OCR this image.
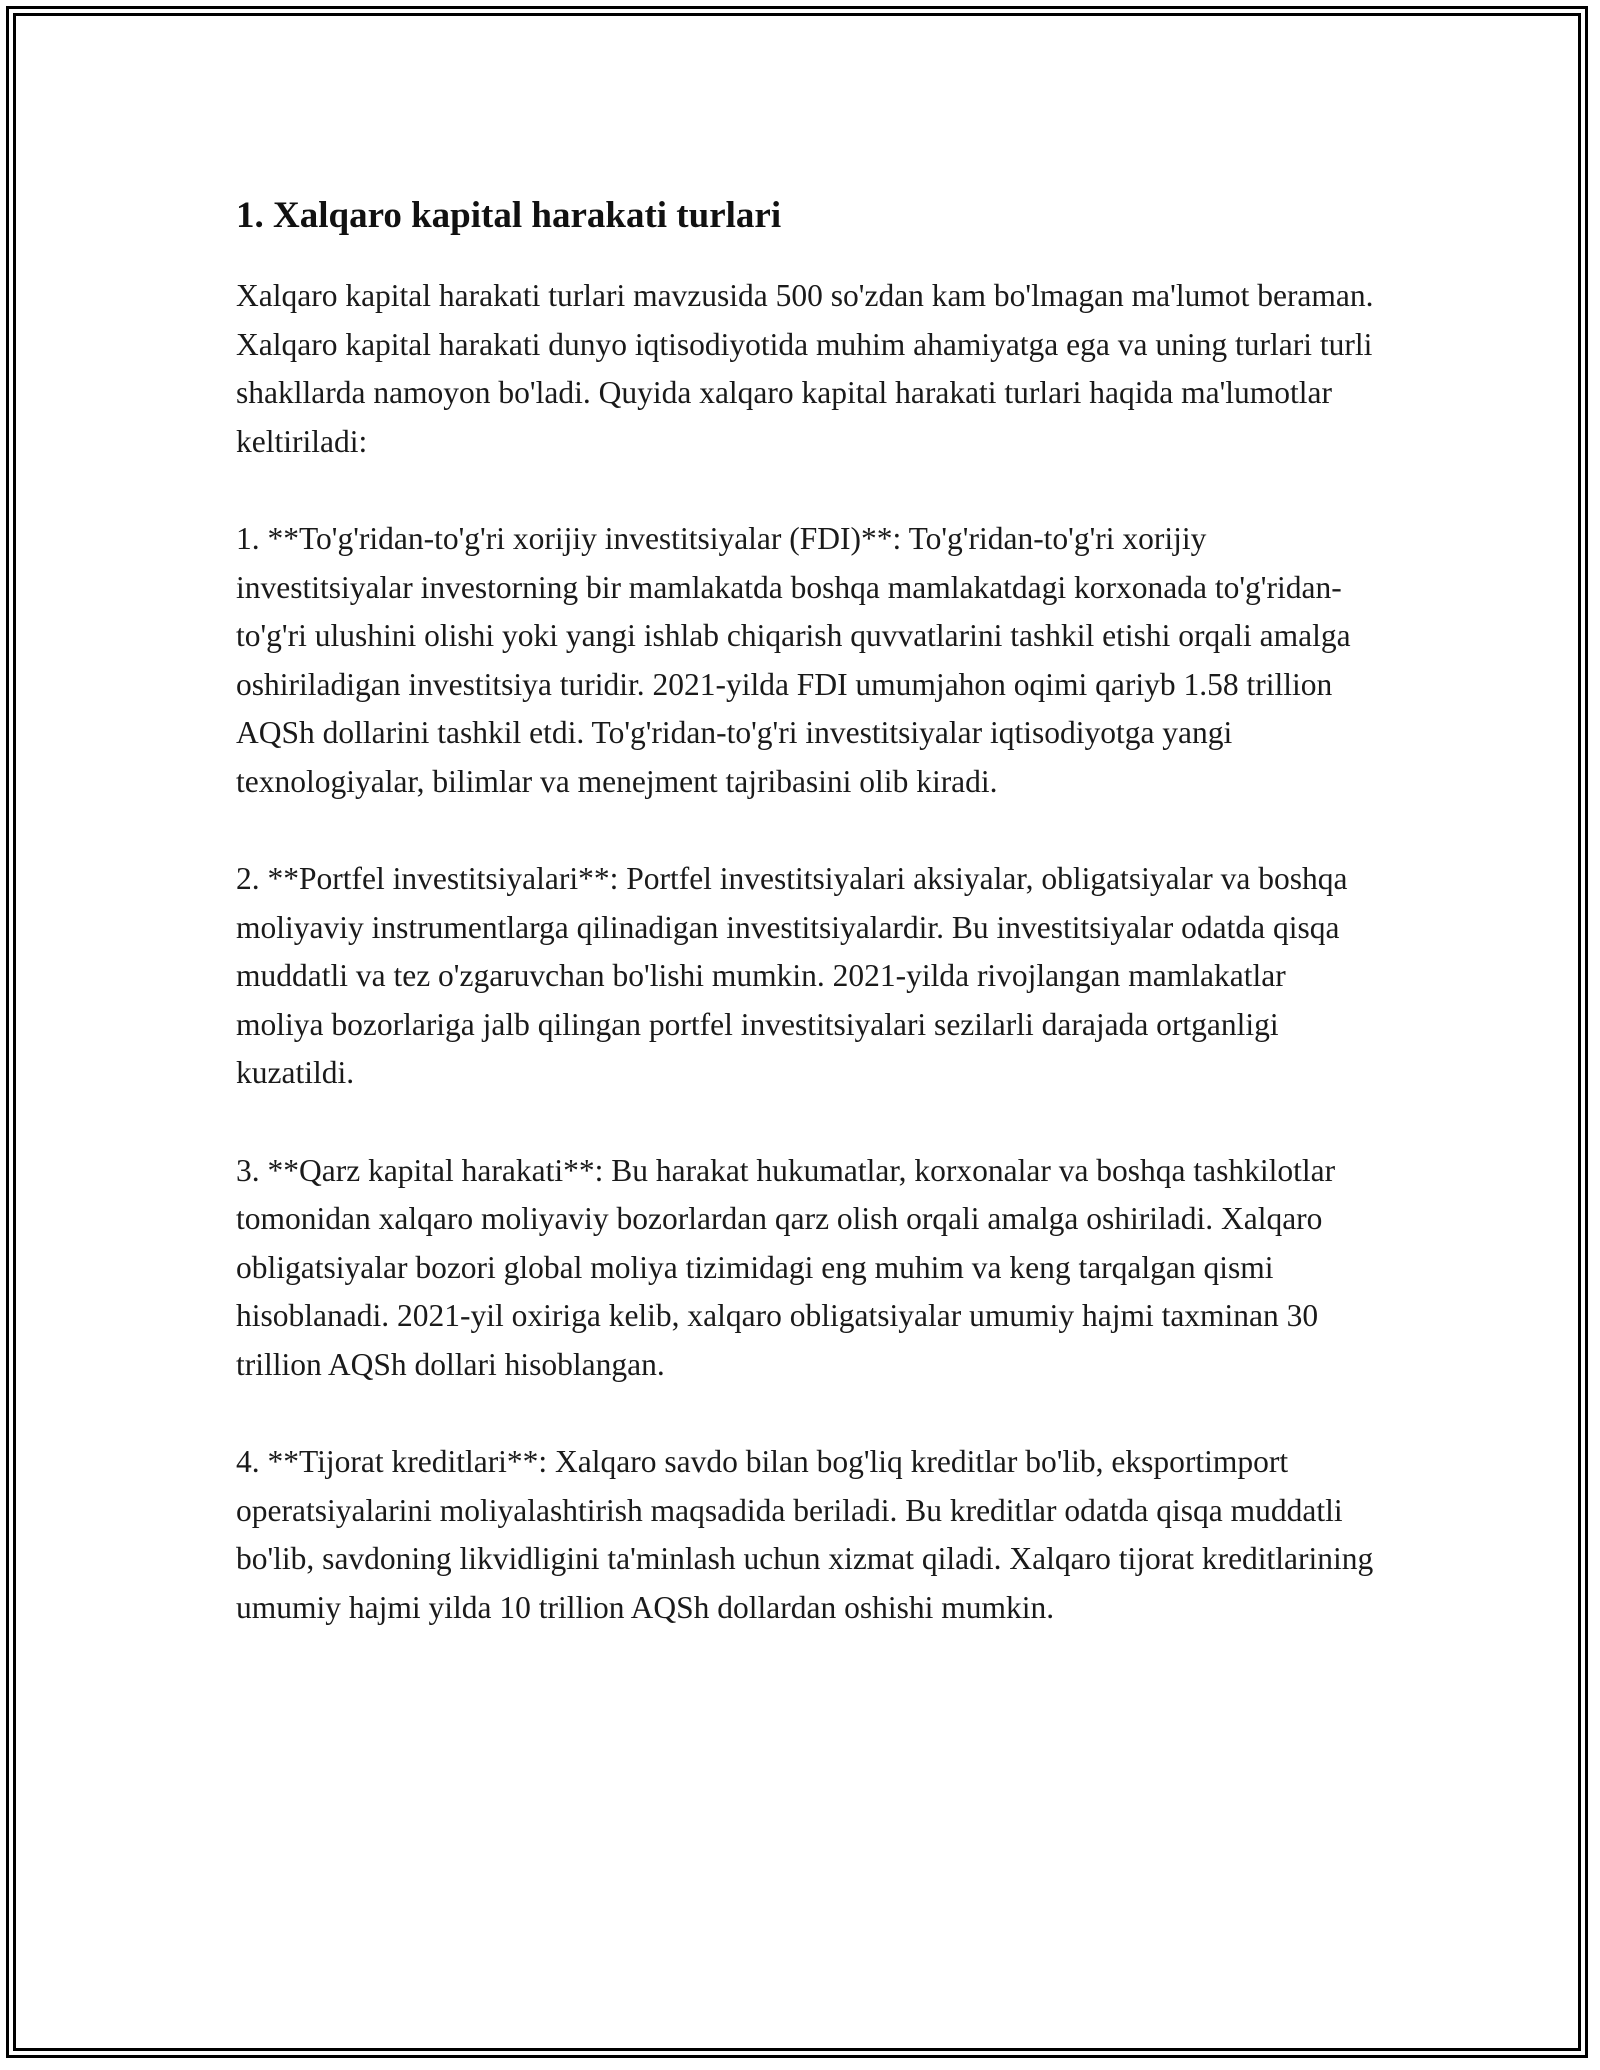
1. Xalqaro kapital harakati turlari

Xalqaro kapital harakati turlari mavzusida 500 so'zdan kam bo'lmagan ma'lumot beraman. Xalqaro kapital harakati dunyo iqtisodiyotida muhim ahamiyatga ega va uning turlari turli shakllarda namoyon bo'ladi. Quyida xalqaro kapital harakati turlari haqida ma'lumotlar keltiriladi:

1. **To'g'ridan-to'g'ri xorijiy investitsiyalar (FDI)**: To'g'ridan-to'g'ri xorijiy investitsiyalar investorning bir mamlakatda boshqa mamlakatdagi korxonada to'g'ridan-to'g'ri ulushini olishi yoki yangi ishlab chiqarish quvvatlarini tashkil etishi orqali amalga oshiriladigan investitsiya turidir. 2021-yilda FDI umumjahon oqimi qariyb 1.58 trillion AQSh dollarini tashkil etdi. To'g'ridan-to'g'ri investitsiyalar iqtisodiyotga yangi texnologiyalar, bilimlar va menejment tajribasini olib kiradi.

2. **Portfel investitsiyalari**: Portfel investitsiyalari aksiyalar, obligatsiyalar va boshqa moliyaviy instrumentlarga qilinadigan investitsiyalardir. Bu investitsiyalar odatda qisqa muddatli va tez o'zgaruvchan bo'lishi mumkin. 2021-yilda rivojlangan mamlakatlar moliya bozorlariga jalb qilingan portfel investitsiyalari sezilarli darajada ortganligi kuzatildi.

3. **Qarz kapital harakati**: Bu harakat hukumatlar, korxonalar va boshqa tashkilotlar tomonidan xalqaro moliyaviy bozorlardan qarz olish orqali amalga oshiriladi. Xalqaro obligatsiyalar bozori global moliya tizimidagi eng muhim va keng tarqalgan qismi hisoblanadi. 2021-yil oxiriga kelib, xalqaro obligatsiyalar umumiy hajmi taxminan 30 trillion AQSh dollari hisoblangan.

4. **Tijorat kreditlari**: Xalqaro savdo bilan bog'liq kreditlar bo'lib, eksportimport operatsiyalarini moliyalashtirish maqsadida beriladi. Bu kreditlar odatda qisqa muddatli bo'lib, savdoning likvidligini ta'minlash uchun xizmat qiladi. Xalqaro tijorat kreditlarining umumiy hajmi yilda 10 trillion AQSh dollardan oshishi mumkin.
